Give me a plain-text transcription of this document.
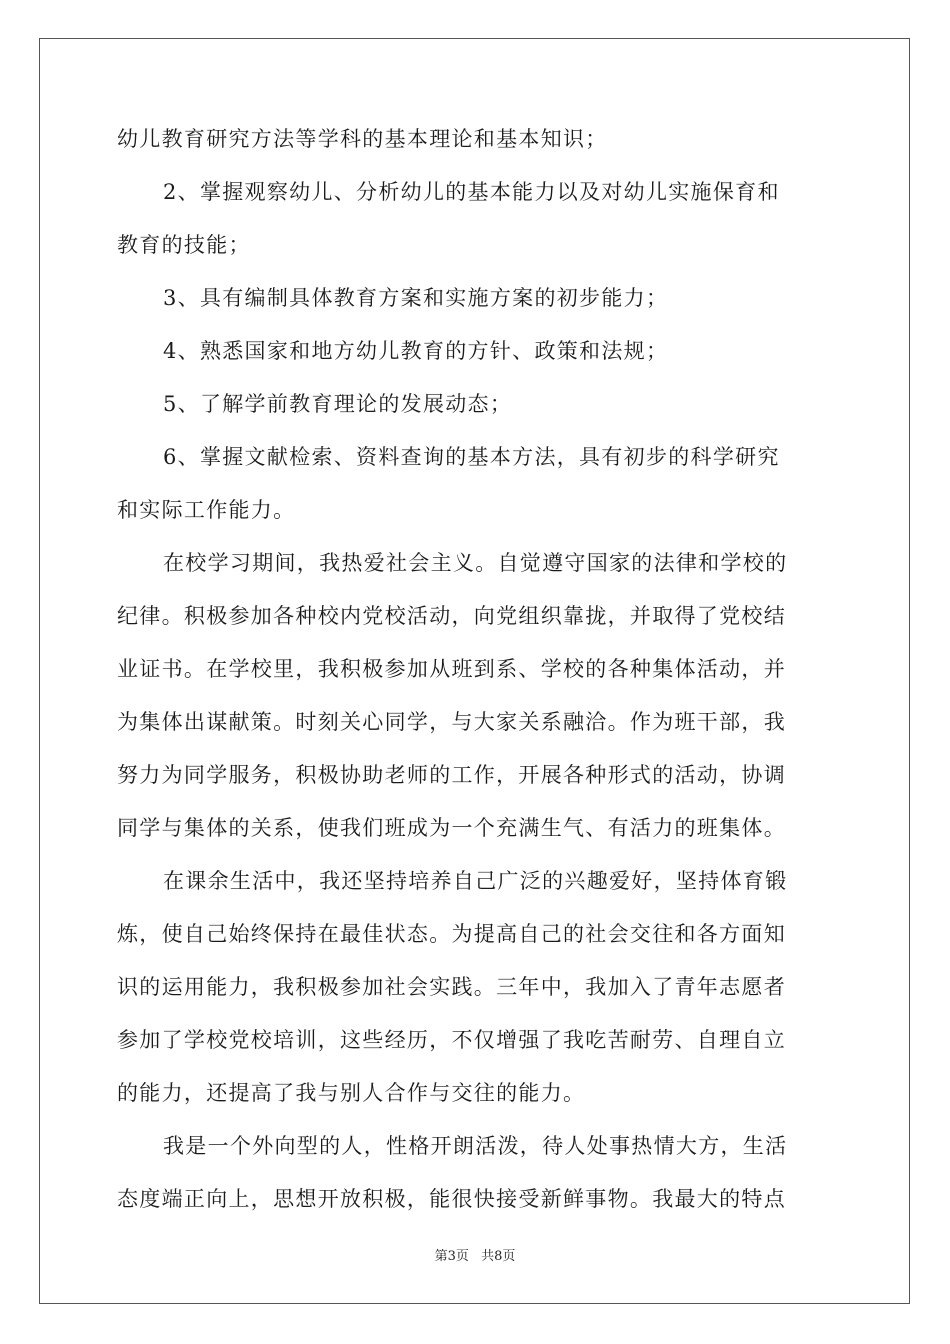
幼儿教育研究方法等学科的基本理论和基本知识；
2、掌握观察幼儿、分析幼儿的基本能力以及对幼儿实施保育和
教育的技能；
3、具有编制具体教育方案和实施方案的初步能力；
4、熟悉国家和地方幼儿教育的方针、政策和法规；
5、了解学前教育理论的发展动态；
6、掌握文献检索、资料查询的基本方法，具有初步的科学研究
和实际工作能力。
在校学习期间，我热爱社会主义。自觉遵守国家的法律和学校的
纪律。积极参加各种校内党校活动，向党组织靠拢，并取得了党校结
业证书。在学校里，我积极参加从班到系、学校的各种集体活动，并
为集体出谋献策。时刻关心同学，与大家关系融洽。作为班干部，我
努力为同学服务，积极协助老师的工作，开展各种形式的活动，协调
同学与集体的关系，使我们班成为一个充满生气、有活力的班集体。
在课余生活中，我还坚持培养自己广泛的兴趣爱好，坚持体育锻
炼，使自己始终保持在最佳状态。为提高自己的社会交往和各方面知
识的运用能力，我积极参加社会实践。三年中，我加入了青年志愿者
参加了学校党校培训，这些经历，不仅增强了我吃苦耐劳、自理自立
的能力，还提高了我与别人合作与交往的能力。
我是一个外向型的人，性格开朗活泼，待人处事热情大方，生活
态度端正向上，思想开放积极，能很快接受新鲜事物。我最大的特点
第3页 共8页
